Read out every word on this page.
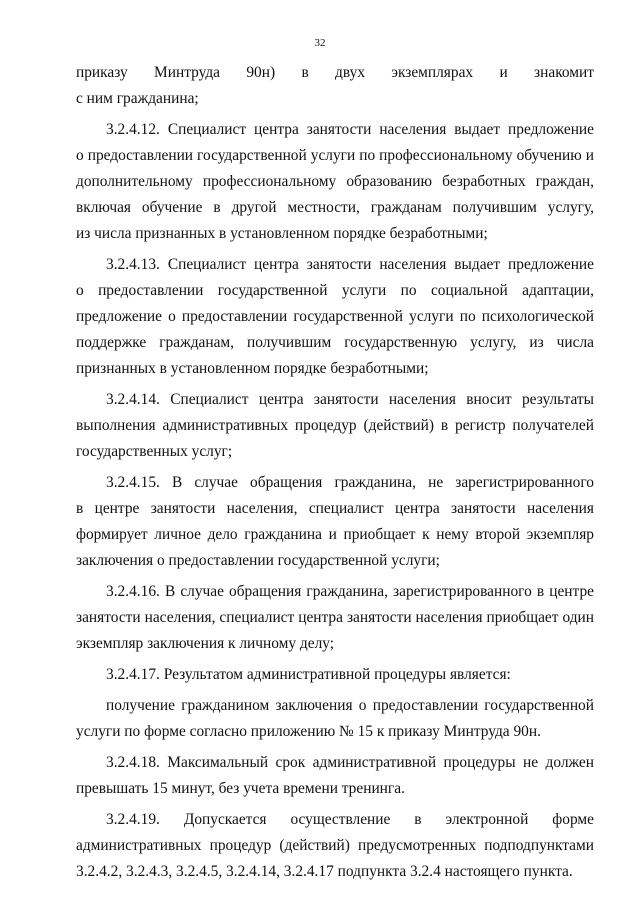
32

приказу Минтруда 90н) в двух экземплярах и знакомит
с ним гражданина;

3.2.4.12. Специалист центра занятости населения выдает предложение
о предоставлении государственной услуги по профессиональному обучению и
дополнительному профессиональному образованию безработных граждан,
включая обучение в другой местности, гражданам получившим услугу,
из числа признанных в установленном порядке безработными;

3.2.4.13. Специалист центра занятости населения выдает предложение
о предоставлении государственной услуги по социальной адаптации,
предложение о предоставлении государственной услуги по психологической
поддержке гражданам, получившим государственную услугу, из числа
признанных в установленном порядке безработными;

3.2.4.14. Специалист центра занятости населения вносит результаты
выполнения административных процедур (действий) в регистр получателей
государственных услуг;

3.2.4.15. В случае обращения гражданина, не зарегистрированного
в центре занятости населения, специалист центра занятости населения
формирует личное дело гражданина и приобщает к нему второй экземпляр
заключения о предоставлении государственной услуги;

3.2.4.16. В случае обращения гражданина, зарегистрированного в центре
занятости населения, специалист центра занятости населения приобщает один
экземпляр заключения к личному делу;

3.2.4.17. Результатом административной процедуры является:

получение гражданином заключения о предоставлении государственной
услуги по форме согласно приложению № 15 к приказу Минтруда 90н.

3.2.4.18. Максимальный срок административной процедуры не должен
превышать 15 минут, без учета времени тренинга.

3.2.4.19. Допускается осуществление в электронной форме
административных процедур (действий) предусмотренных подподпунктами
3.2.4.2, 3.2.4.3, 3.2.4.5, 3.2.4.14, 3.2.4.17 подпункта 3.2.4 настоящего пункта.
